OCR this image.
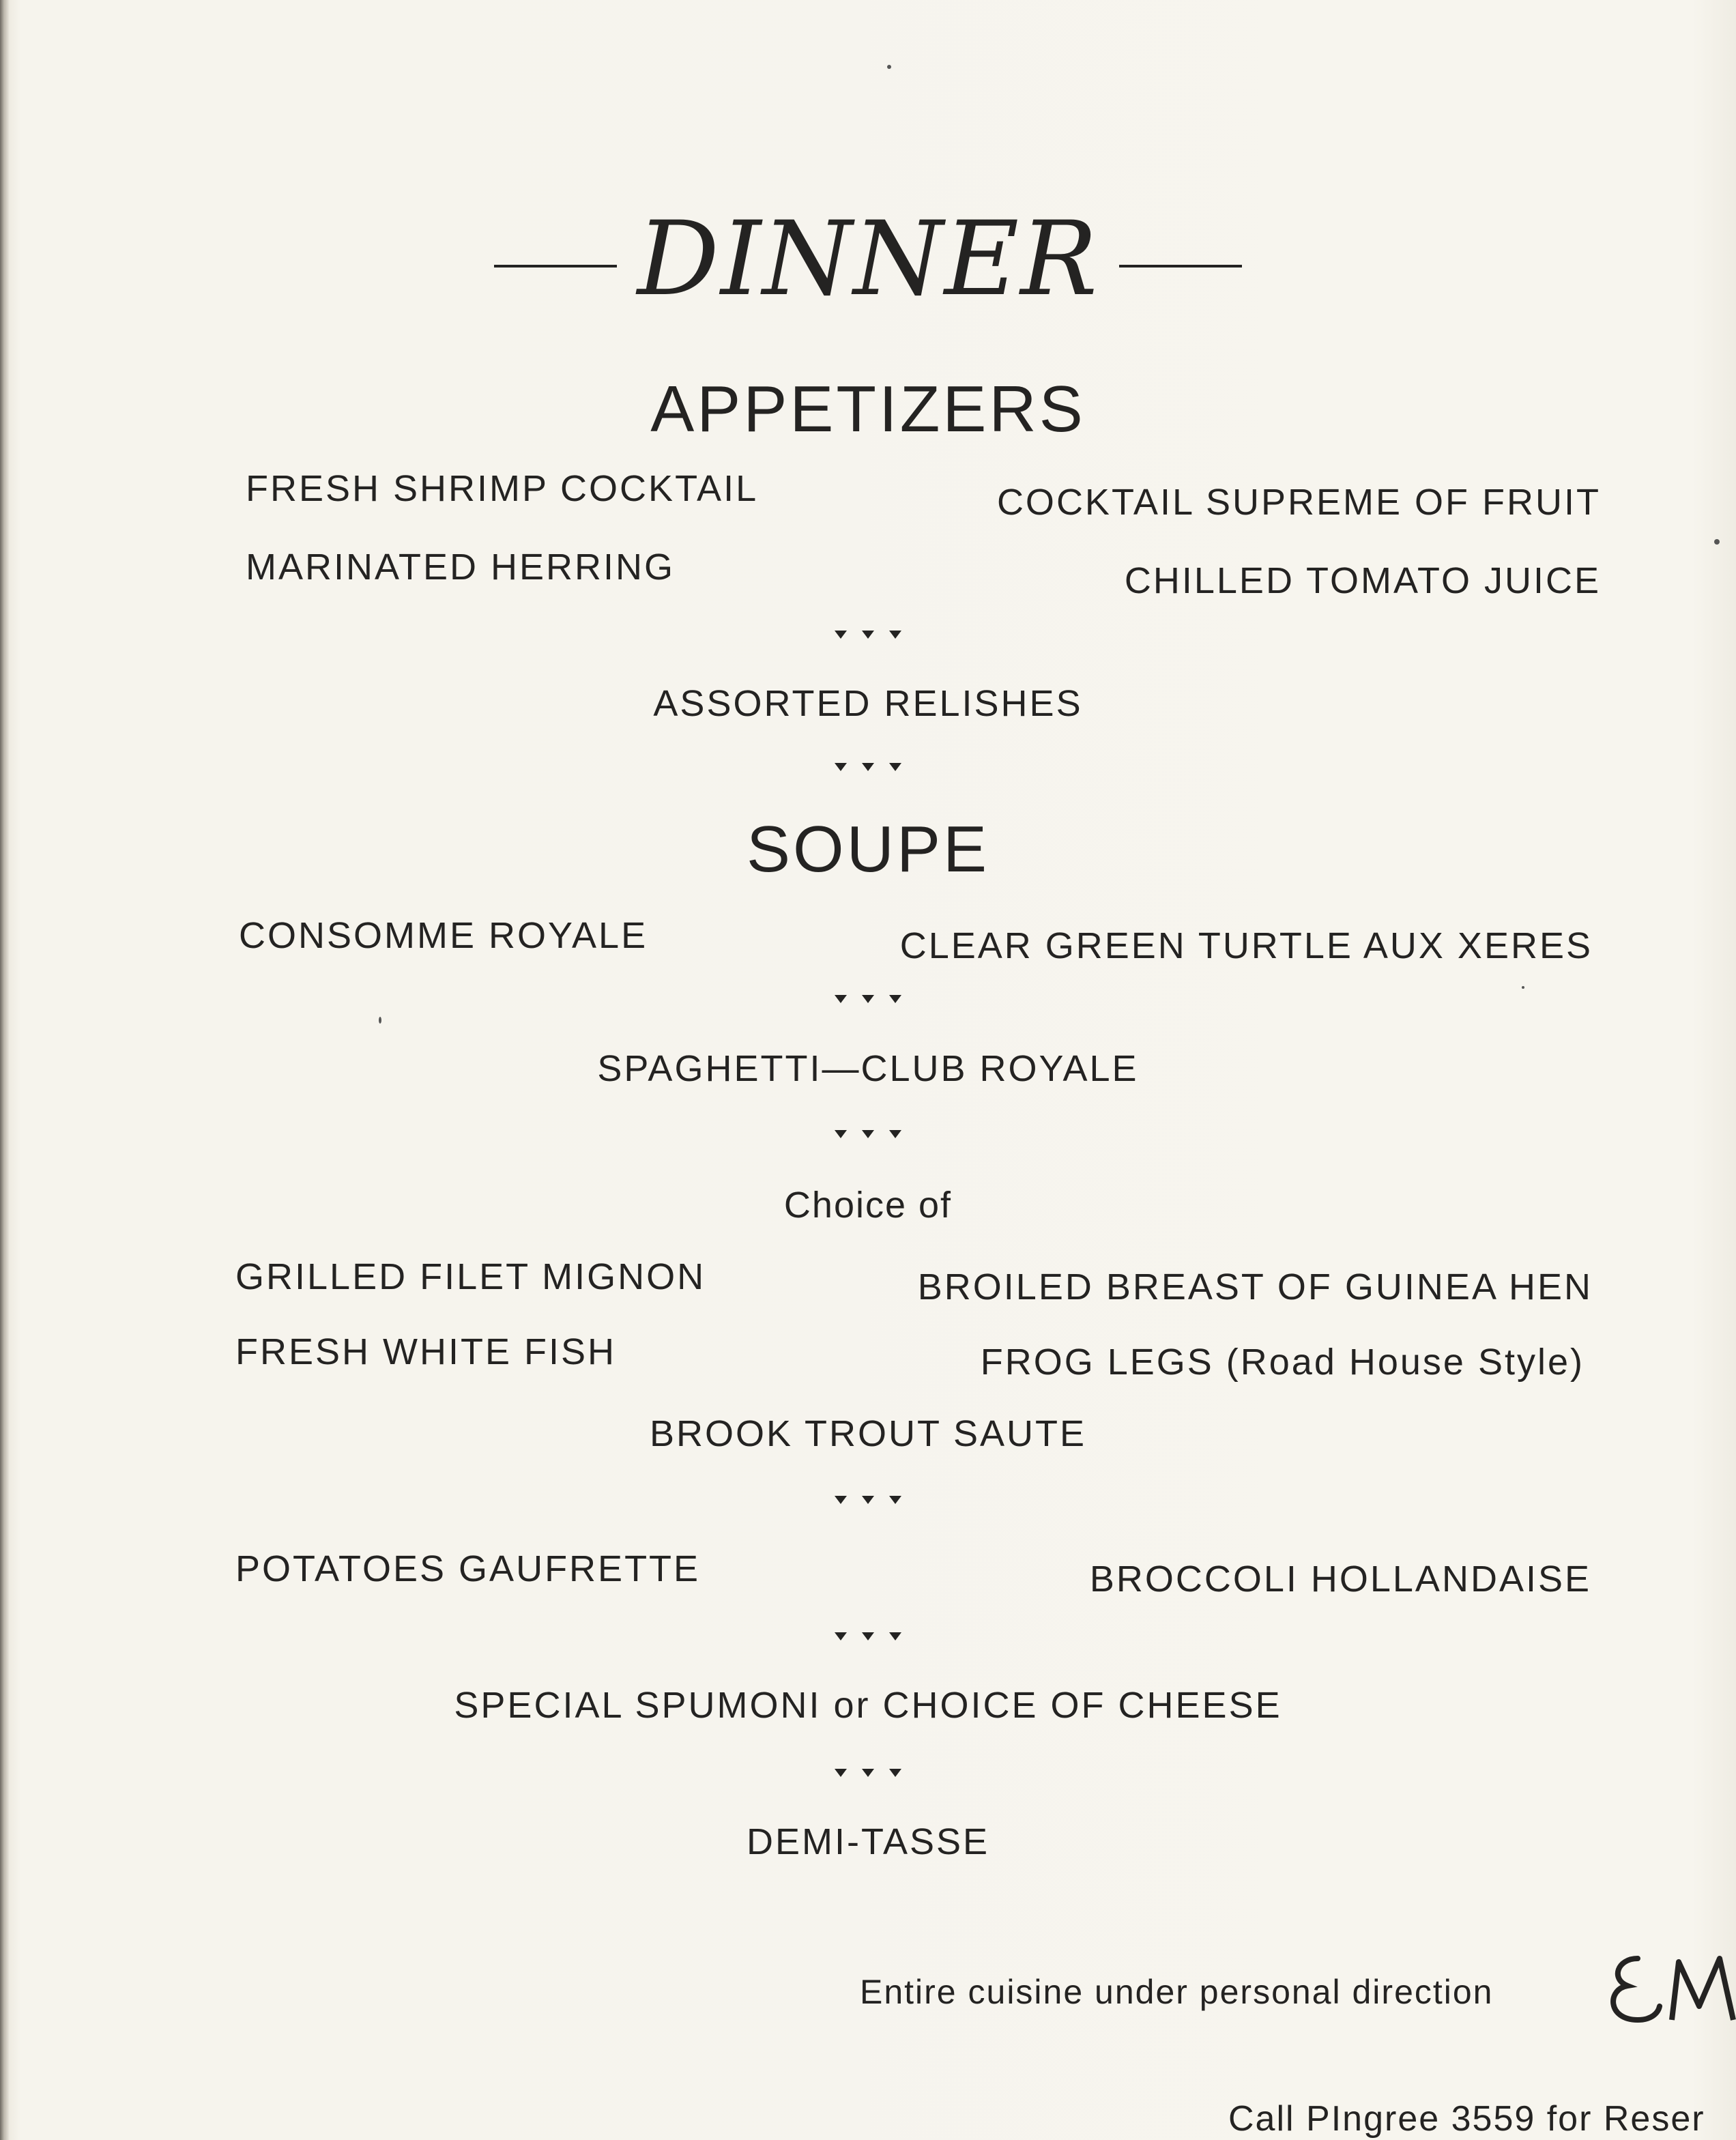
DINNER
APPETIZERS
FRESH SHRIMP COCKTAIL	COCKTAIL SUPREME OF FRUIT
MARINATED HERRING	CHILLED TOMATO JUICE
ASSORTED RELISHES
SOUPE
CONSOMME ROYALE	CLEAR GREEN TURTLE AUX XERES
SPAGHETTI—CLUB ROYALE
Choice of
GRILLED FILET MIGNON	BROILED BREAST OF GUINEA HEN
FRESH WHITE FISH	FROG LEGS (Road House Style)
BROOK TROUT SAUTE
POTATOES GAUFRETTE	BROCCOLI HOLLANDAISE
SPECIAL SPUMONI or CHOICE OF CHEESE
DEMI-TASSE
Entire cuisine under personal direction
Call PIngree 3559 for Reser
